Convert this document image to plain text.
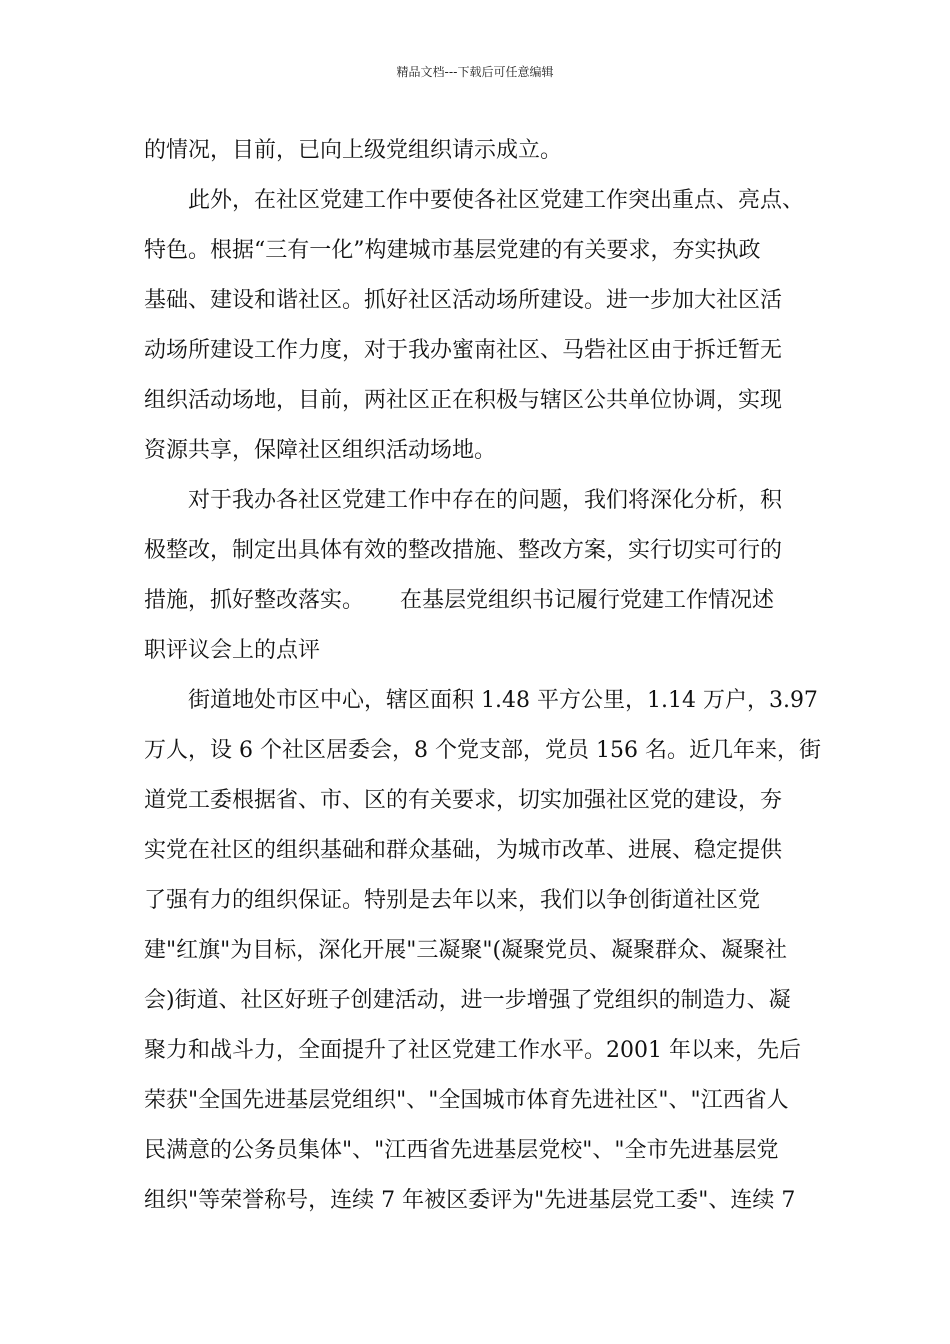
精品文档---下载后可任意编辑
的情况，目前，已向上级党组织请示成立。
此外，在社区党建工作中要使各社区党建工作突出重点、亮点、
特色。根据“三有一化”构建城市基层党建的有关要求，夯实执政
基础、建设和谐社区。抓好社区活动场所建设。进一步加大社区活
动场所建设工作力度，对于我办蜜南社区、马砦社区由于拆迁暂无
组织活动场地，目前，两社区正在积极与辖区公共单位协调，实现
资源共享，保障社区组织活动场地。
对于我办各社区党建工作中存在的问题，我们将深化分析，积
极整改，制定出具体有效的整改措施、整改方案，实行切实可行的
措施，抓好整改落实。 在基层党组织书记履行党建工作情况述
职评议会上的点评
街道地处市区中心，辖区面积 1.48 平方公里，1.14 万户，3.97
万人，设 6 个社区居委会，8 个党支部，党员 156 名。近几年来，街
道党工委根据省、市、区的有关要求，切实加强社区党的建设，夯
实党在社区的组织基础和群众基础，为城市改革、进展、稳定提供
了强有力的组织保证。特别是去年以来，我们以争创街道社区党
建"红旗"为目标，深化开展"三凝聚"(凝聚党员、凝聚群众、凝聚社
会)街道、社区好班子创建活动，进一步增强了党组织的制造力、凝
聚力和战斗力，全面提升了社区党建工作水平。2001 年以来，先后
荣获"全国先进基层党组织"、"全国城市体育先进社区"、"江西省人
民满意的公务员集体"、"江西省先进基层党校"、"全市先进基层党
组织"等荣誉称号，连续 7 年被区委评为"先进基层党工委"、连续 7
